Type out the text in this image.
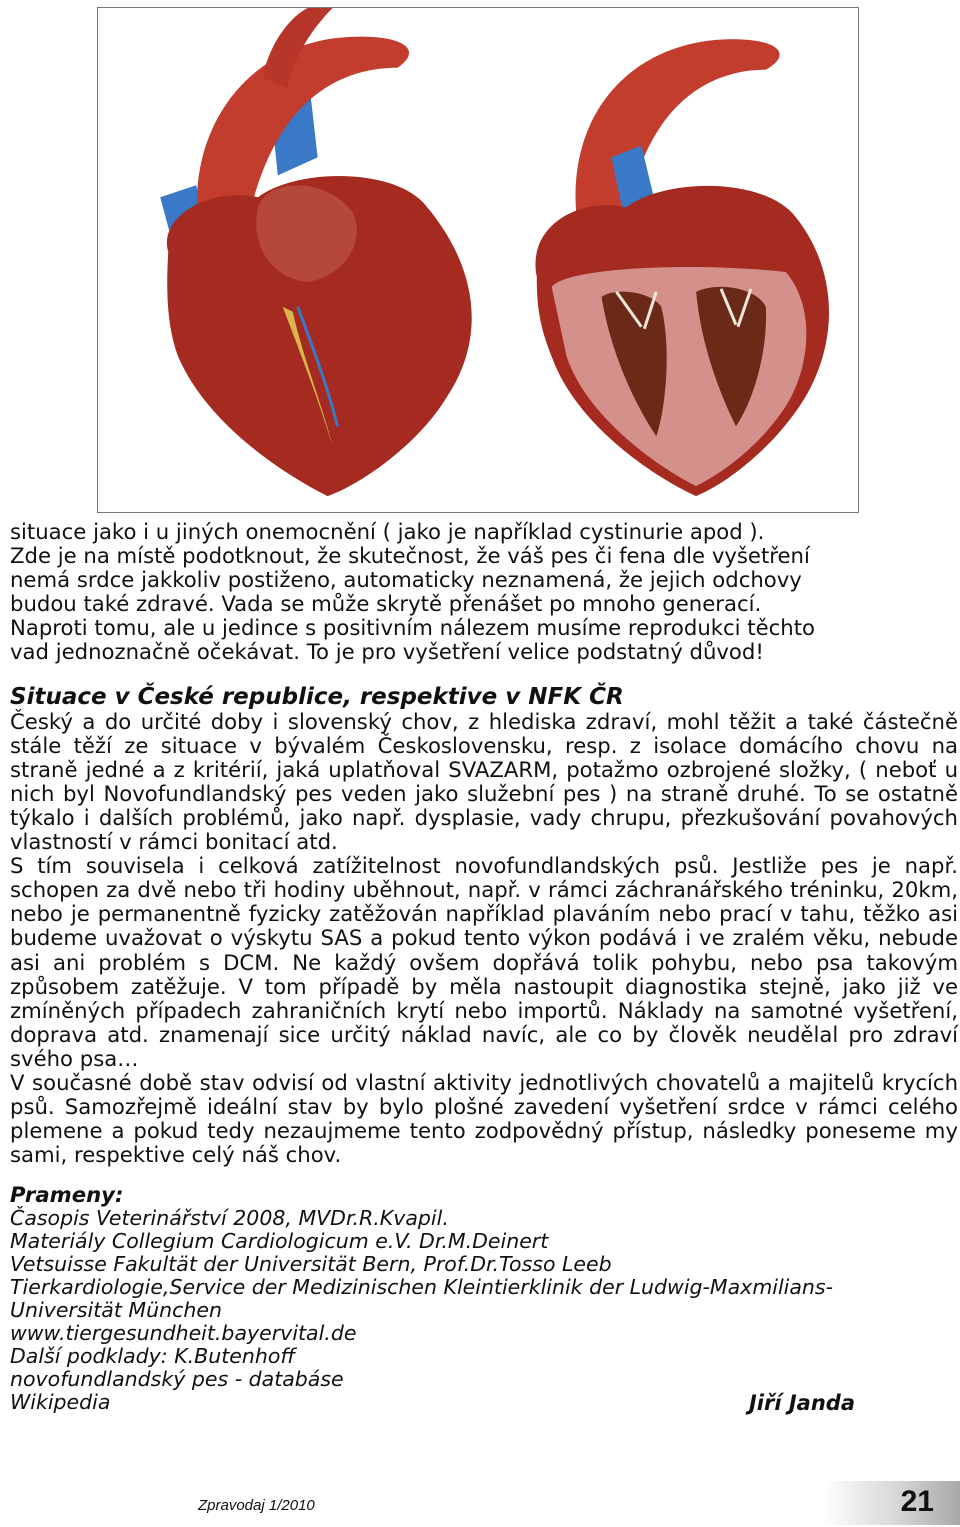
situace jako i u jiných onemocnění ( jako je například cystinurie apod ).
Zde je na místě podotknout, že skutečnost, že váš pes či fena dle vyšetření
nemá srdce jakkoliv postiženo, automaticky neznamená, že jejich odchovy
budou také zdravé. Vada se může skrytě přenášet po mnoho generací.
Naproti tomu, ale u jedince s positivním nálezem musíme reprodukci těchto
vad jednoznačně očekávat. To je pro vyšetření velice podstatný důvod!

Situace v České republice, respektive v NFK ČR

Český a do určité doby i slovenský chov, z hlediska zdraví, mohl těžit a také částečně stále těží ze situace v bývalém Československu, resp. z isolace domácího chovu na straně jedné a z kritérií, jaká uplatňoval SVAZARM, potažmo ozbrojené složky, ( neboť u nich byl Novofundlandský pes veden jako služební pes ) na straně druhé. To se ostatně týkalo i dalších problémů, jako např. dysplasie, vady chrupu, přezkušování povahových vlastností v rámci bonitací atd.

S tím souvisela i celková zatížitelnost novofundlandských psů. Jestliže pes je např. schopen za dvě nebo tři hodiny uběhnout, např. v rámci záchranářského tréninku, 20km, nebo je permanentně fyzicky zatěžován například plaváním nebo prací v tahu, těžko asi budeme uvažovat o výskytu SAS a pokud tento výkon podává i ve zralém věku, nebude asi ani problém s DCM. Ne každý ovšem dopřává tolik pohybu, nebo psa takovým způsobem zatěžuje. V tom případě by měla nastoupit diagnostika stejně, jako již ve zmíněných případech zahraničních krytí nebo importů. Náklady na samotné vyšetření, doprava atd. znamenají sice určitý náklad navíc, ale co by člověk neudělal pro zdraví svého psa…

V současné době stav odvisí od vlastní aktivity jednotlivých chovatelů a majitelů krycích psů. Samozřejmě ideální stav by bylo plošné zavedení vyšetření srdce v rámci celého plemene a pokud tedy nezaujmeme tento zodpovědný přístup, následky poneseme my sami, respektive celý náš chov.

Prameny:

Časopis Veterinářství 2008, MVDr.R.Kvapil.
Materiály Collegium Cardiologicum e.V. Dr.M.Deinert
Vetsuisse Fakultät der Universität Bern, Prof.Dr.Tosso Leeb
Tierkardiologie,Service der Medizinischen Kleintierklinik der Ludwig-Maxmilians-
Universität München
www.tiergesundheit.bayervital.de
Další podklady: K.Butenhoff
novofundlandský pes - databáse
Wikipedia	Jiří Janda
Zpravodaj 1/2010	21
